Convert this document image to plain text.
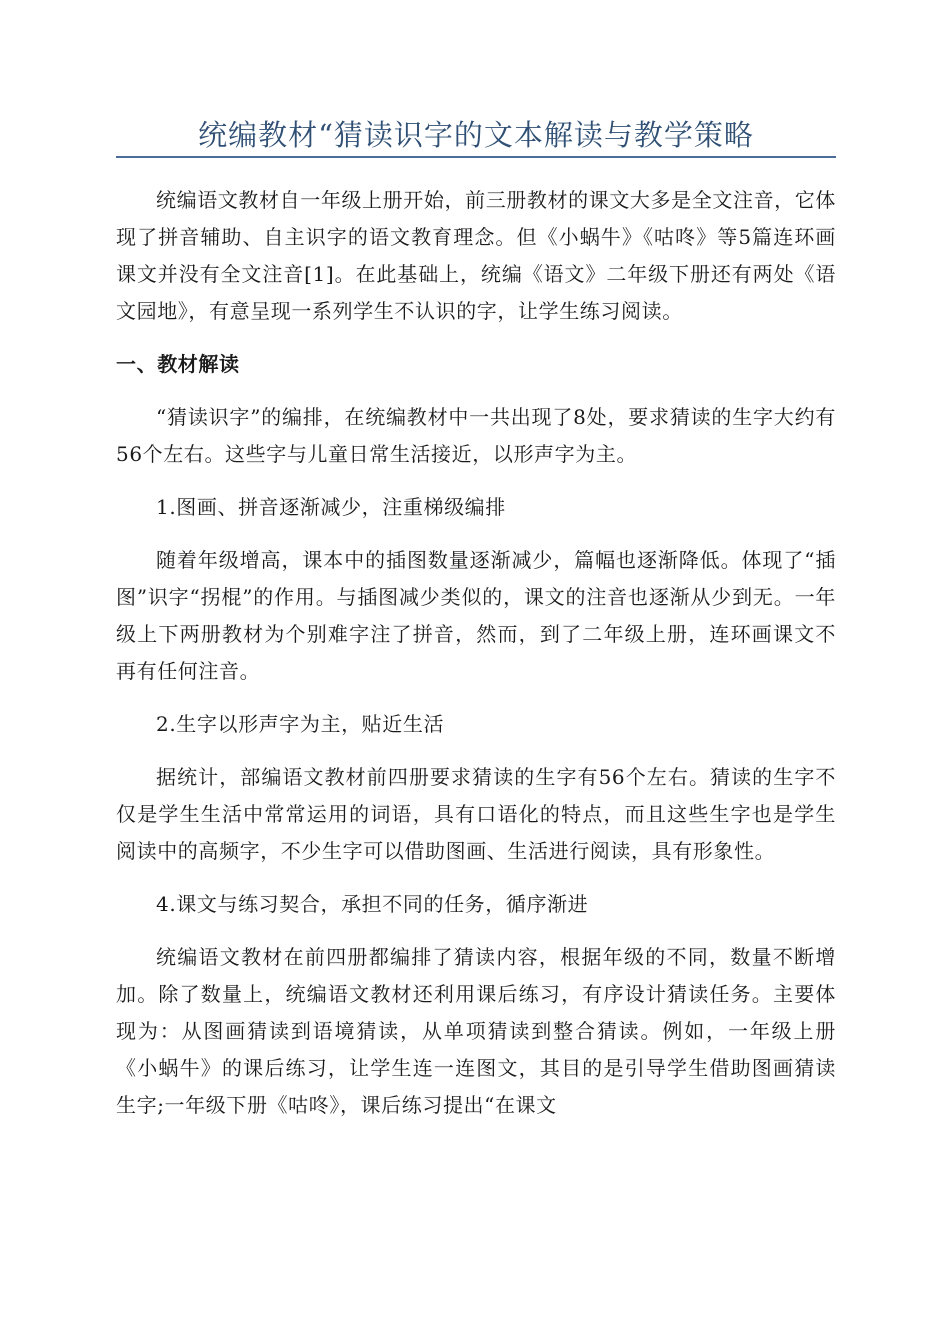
统编教材“猜读识字的文本解读与教学策略

统编语文教材自一年级上册开始，前三册教材的课文大多是全文注音，它体现了拼音辅助、自主识字的语文教育理念。但《小蜗牛》《咕咚》等5篇连环画课文并没有全文注音[1]。在此基础上，统编《语文》二年级下册还有两处《语文园地》，有意呈现一系列学生不认识的字，让学生练习阅读。

一、教材解读

“猜读识字”的编排，在统编教材中一共出现了8处，要求猜读的生字大约有56个左右。这些字与儿童日常生活接近，以形声字为主。

1.图画、拼音逐渐减少，注重梯级编排

随着年级增高，课本中的插图数量逐渐减少，篇幅也逐渐降低。体现了“插图”识字“拐棍”的作用。与插图减少类似的，课文的注音也逐渐从少到无。一年级上下两册教材为个别难字注了拼音，然而，到了二年级上册，连环画课文不再有任何注音。

2.生字以形声字为主，贴近生活

据统计，部编语文教材前四册要求猜读的生字有56个左右。猜读的生字不仅是学生生活中常常运用的词语，具有口语化的特点，而且这些生字也是学生阅读中的高频字，不少生字可以借助图画、生活进行阅读，具有形象性。

4.课文与练习契合，承担不同的任务，循序渐进

统编语文教材在前四册都编排了猜读内容，根据年级的不同，数量不断增加。除了数量上，统编语文教材还利用课后练习，有序设计猜读任务。主要体现为：从图画猜读到语境猜读，从单项猜读到整合猜读。例如，一年级上册《小蜗牛》的课后练习，让学生连一连图文，其目的是引导学生借助图画猜读生字;一年级下册《咕咚》，课后练习提出“在课文
